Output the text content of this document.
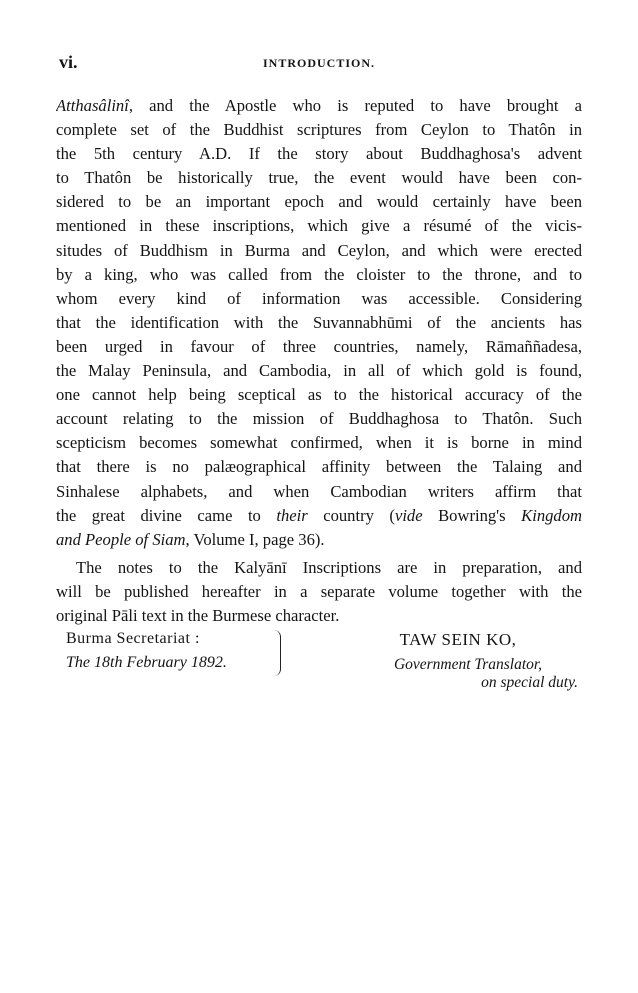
vi.	INTRODUCTION.
Atthasâlinî, and the Apostle who is reputed to have brought a
complete set of the Buddhist scriptures from Ceylon to Thatôn in
the 5th century A.D. If the story about Buddhaghosa's advent
to Thatôn be historically true, the event would have been con-
sidered to be an important epoch and would certainly have been
mentioned in these inscriptions, which give a résumé of the vicis-
situdes of Buddhism in Burma and Ceylon, and which were erected
by a king, who was called from the cloister to the throne, and to
whom every kind of information was accessible. Considering
that the identification with the Suvannabhūmi of the ancients has
been urged in favour of three countries, namely, Rāmaññadesa,
the Malay Peninsula, and Cambodia, in all of which gold is found,
one cannot help being sceptical as to the historical accuracy of the
account relating to the mission of Buddhaghosa to Thatôn. Such
scepticism becomes somewhat confirmed, when it is borne in mind
that there is no palæographical affinity between the Talaing and
Sinhalese alphabets, and when Cambodian writers affirm that
the great divine came to their country (vide Bowring's Kingdom
and People of Siam, Volume I, page 36).
The notes to the Kalyānī Inscriptions are in preparation, and
will be published hereafter in a separate volume together with the
original Pāli text in the Burmese character.
Burma Secretariat :
The 18th February 1892.
TAW SEIN KO,
Government Translator,
on special duty.
